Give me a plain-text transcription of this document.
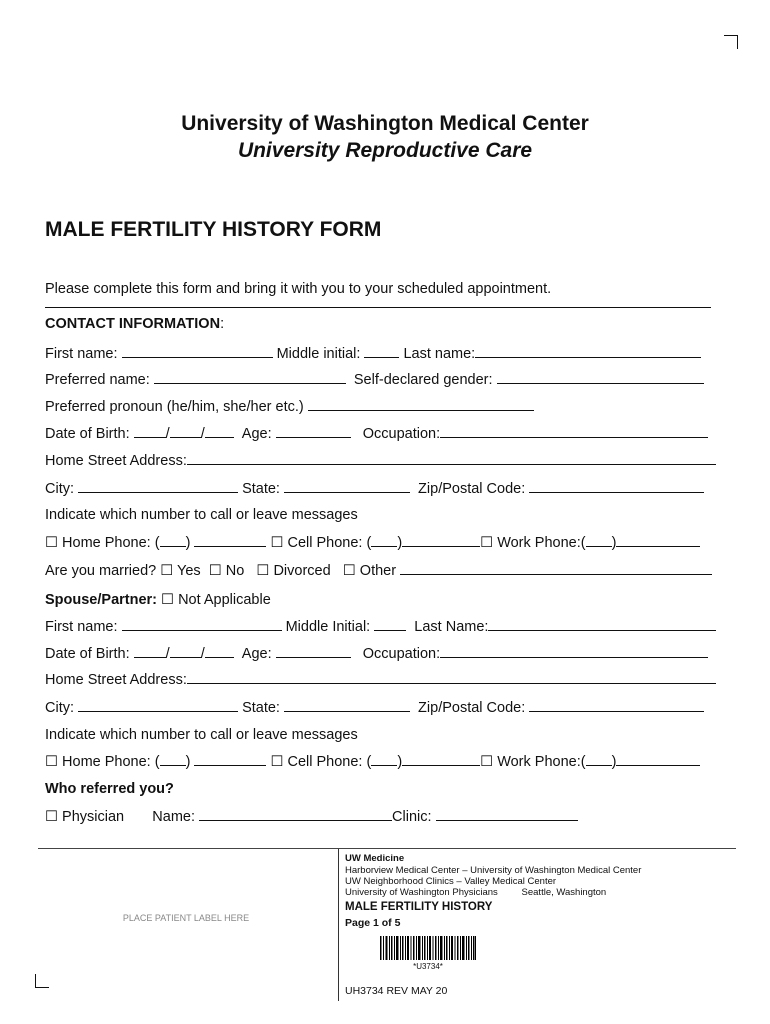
University of Washington Medical Center
University Reproductive Care
MALE FERTILITY HISTORY FORM
Please complete this form and bring it with you to your scheduled appointment.
CONTACT INFORMATION:
First name:	Middle initial:	Last name:
Preferred name:	Self-declared gender:
Preferred pronoun (he/him, she/her etc.)
Date of Birth: / /	Age:	Occupation:
Home Street Address:
City:	State:	Zip/Postal Code:
Indicate which number to call or leave messages
☐ Home Phone: ( )	☐ Cell Phone: ( )	☐ Work Phone:( )
Are you married? ☐ Yes ☐ No ☐ Divorced ☐ Other
Spouse/Partner: ☐ Not Applicable
First name:	Middle Initial:	Last Name:
Date of Birth: / /	Age:	Occupation:
Home Street Address:
City:	State:	Zip/Postal Code:
Indicate which number to call or leave messages
☐ Home Phone: ( )	☐ Cell Phone: ( )	☐ Work Phone:( )
Who referred you?
☐ Physician Name:	Clinic:
PLACE PATIENT LABEL HERE
UW Medicine
Harborview Medical Center – University of Washington Medical Center
UW Neighborhood Clinics – Valley Medical Center
University of Washington Physicians	Seattle, Washington
MALE FERTILITY HISTORY
Page 1 of 5
*U3734*
UH3734 REV MAY 20
